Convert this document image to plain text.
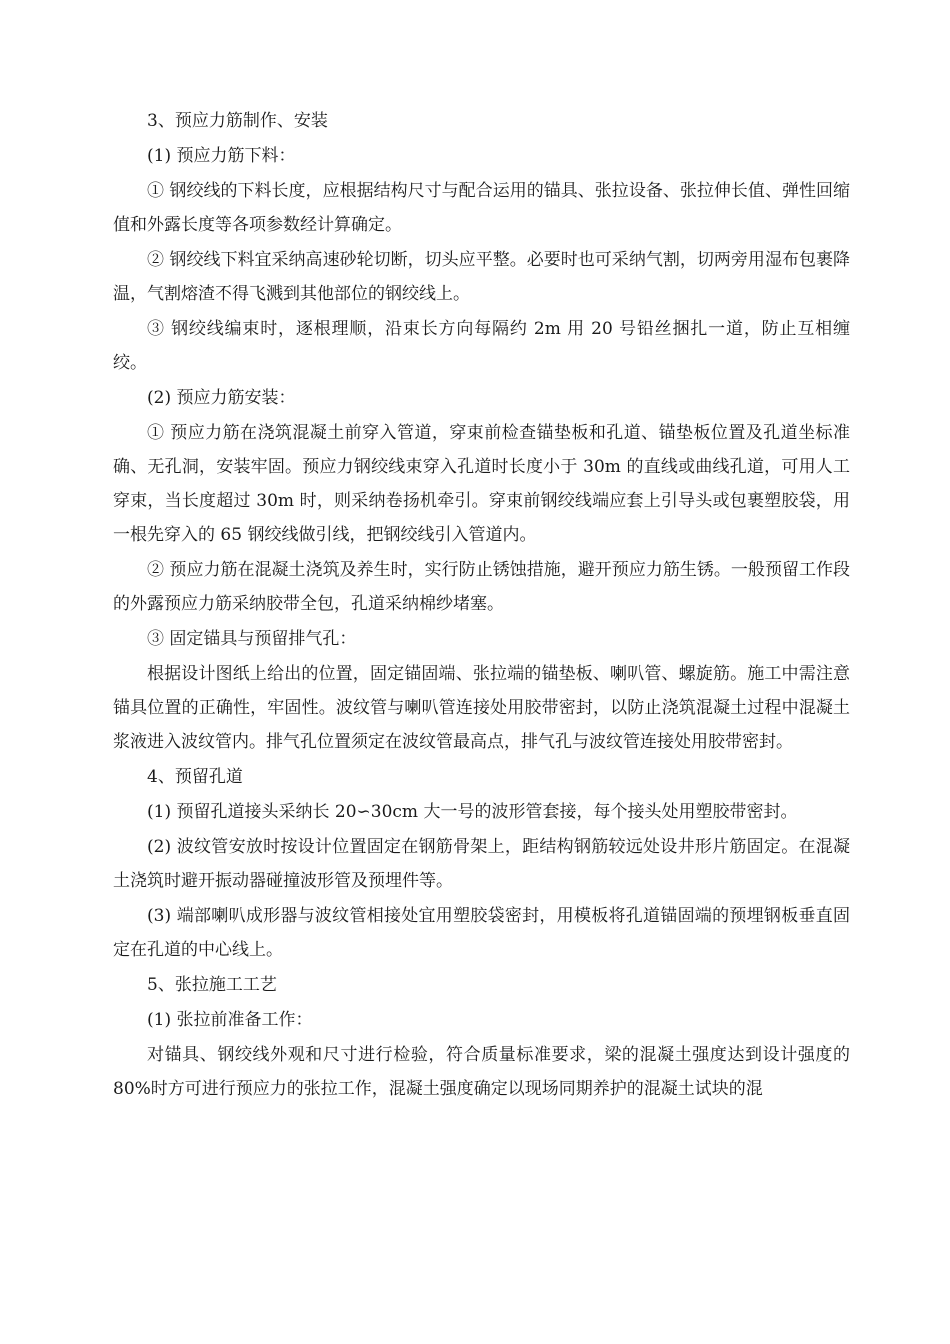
3、预应力筋制作、安装

(1) 预应力筋下料：

① 钢绞线的下料长度，应根据结构尺寸与配合运用的锚具、张拉设备、张拉伸长值、弹性回缩值和外露长度等各项参数经计算确定。

② 钢绞线下料宜采纳高速砂轮切断，切头应平整。必要时也可采纳气割，切两旁用湿布包裹降温，气割熔渣不得飞溅到其他部位的钢绞线上。

③ 钢绞线编束时，逐根理顺，沿束长方向每隔约 2m 用 20 号铅丝捆扎一道，防止互相缠绞。

(2) 预应力筋安装：

① 预应力筋在浇筑混凝土前穿入管道，穿束前检查锚垫板和孔道、锚垫板位置及孔道坐标准确、无孔洞，安装牢固。预应力钢绞线束穿入孔道时长度小于 30m 的直线或曲线孔道，可用人工穿束，当长度超过 30m 时，则采纳卷扬机牵引。穿束前钢绞线端应套上引导头或包裹塑胶袋，用一根先穿入的 65 钢绞线做引线，把钢绞线引入管道内。

② 预应力筋在混凝土浇筑及养生时，实行防止锈蚀措施，避开预应力筋生锈。一般预留工作段的外露预应力筋采纳胶带全包，孔道采纳棉纱堵塞。

③ 固定锚具与预留排气孔：

根据设计图纸上给出的位置，固定锚固端、张拉端的锚垫板、喇叭管、螺旋筋。施工中需注意锚具位置的正确性，牢固性。波纹管与喇叭管连接处用胶带密封，以防止浇筑混凝土过程中混凝土浆液进入波纹管内。排气孔位置须定在波纹管最高点，排气孔与波纹管连接处用胶带密封。

4、预留孔道

(1) 预留孔道接头采纳长 20∽30cm 大一号的波形管套接，每个接头处用塑胶带密封。

(2) 波纹管安放时按设计位置固定在钢筋骨架上，距结构钢筋较远处设井形片筋固定。在混凝土浇筑时避开振动器碰撞波形管及预埋件等。

(3) 端部喇叭成形器与波纹管相接处宜用塑胶袋密封，用模板将孔道锚固端的预埋钢板垂直固定在孔道的中心线上。

5、张拉施工工艺

(1) 张拉前准备工作：

对锚具、钢绞线外观和尺寸进行检验，符合质量标准要求，梁的混凝土强度达到设计强度的 80%时方可进行预应力的张拉工作，混凝土强度确定以现场同期养护的混凝土试块的混
